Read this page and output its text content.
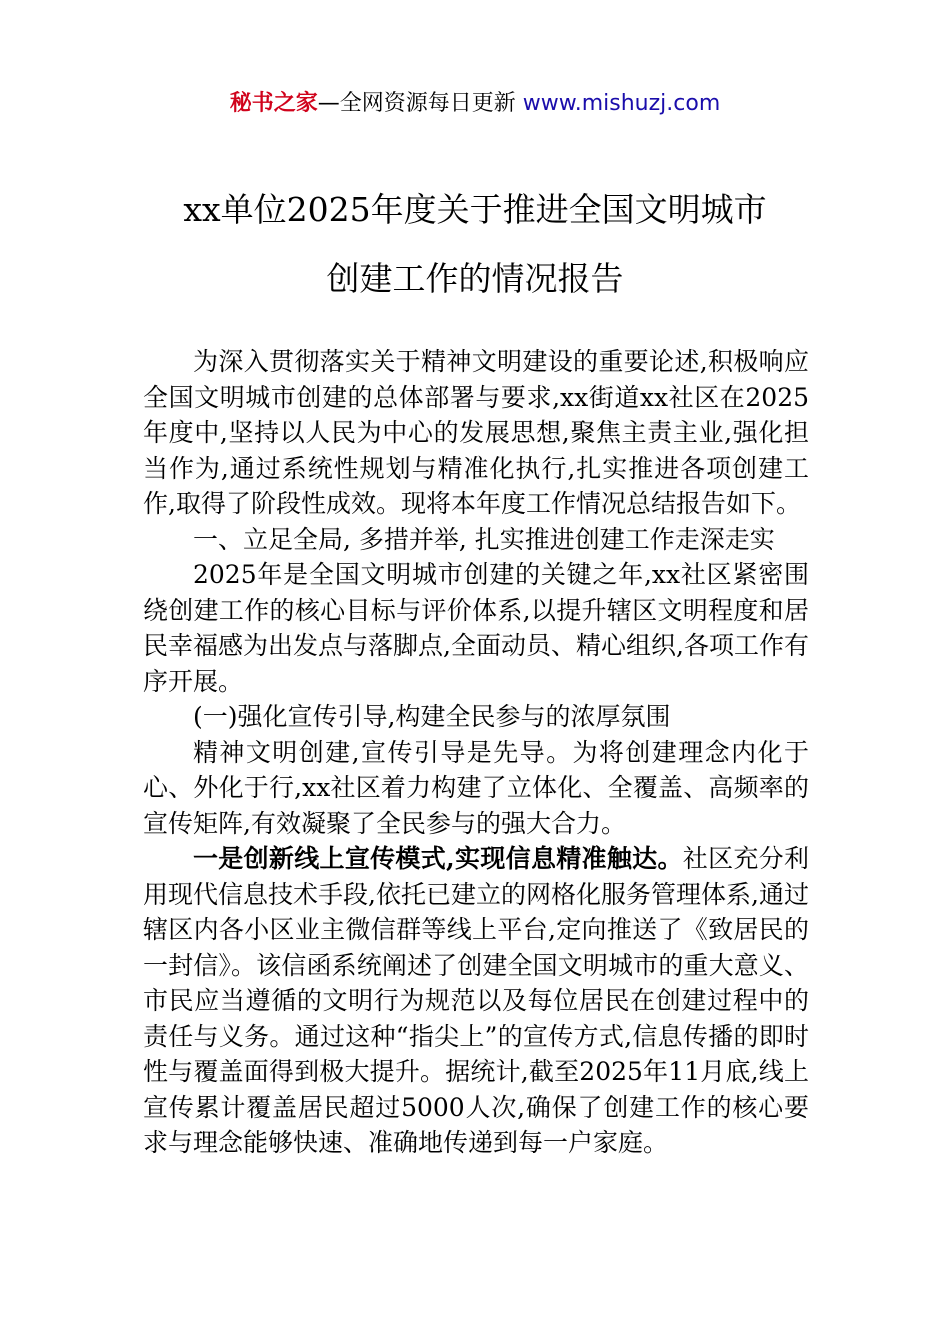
秘书之家—全网资源每日更新 www.mishuzj.com
xx单位2025年度关于推进全国文明城市
创建工作的情况报告

为深入贯彻落实关于精神文明建设的重要论述,积极响应全国文明城市创建的总体部署与要求,xx街道xx社区在2025年度中,坚持以人民为中心的发展思想,聚焦主责主业,强化担当作为,通过系统性规划与精准化执行,扎实推进各项创建工作,取得了阶段性成效。现将本年度工作情况总结报告如下。

一、立足全局, 多措并举, 扎实推进创建工作走深走实

2025年是全国文明城市创建的关键之年,xx社区紧密围绕创建工作的核心目标与评价体系,以提升辖区文明程度和居民幸福感为出发点与落脚点,全面动员、精心组织,各项工作有序开展。

(一)强化宣传引导,构建全民参与的浓厚氛围

精神文明创建,宣传引导是先导。为将创建理念内化于心、外化于行,xx社区着力构建了立体化、全覆盖、高频率的宣传矩阵,有效凝聚了全民参与的强大合力。

一是创新线上宣传模式,实现信息精准触达。社区充分利用现代信息技术手段,依托已建立的网格化服务管理体系,通过辖区内各小区业主微信群等线上平台,定向推送了《致居民的一封信》。该信函系统阐述了创建全国文明城市的重大意义、市民应当遵循的文明行为规范以及每位居民在创建过程中的责任与义务。通过这种“指尖上”的宣传方式,信息传播的即时性与覆盖面得到极大提升。据统计,截至2025年11月底,线上宣传累计覆盖居民超过5000人次,确保了创建工作的核心要求与理念能够快速、准确地传递到每一户家庭。
